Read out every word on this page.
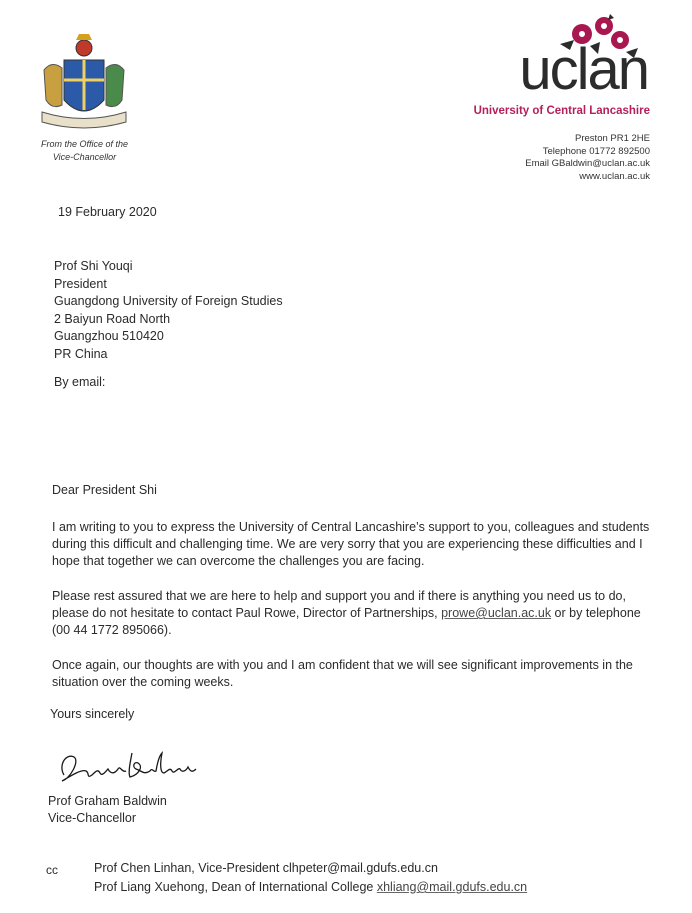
From the Office of the
Vice-Chancellor
uclan
University of Central Lancashire
Preston PR1 2HE
Telephone 01772 892500
Email GBaldwin@uclan.ac.uk
www.uclan.ac.uk
19 February 2020
Prof Shi Youqi
President
Guangdong University of Foreign Studies
2 Baiyun Road North
Guangzhou 510420
PR China
By email:
Dear President Shi
I am writing to you to express the University of Central Lancashire’s support to you, colleagues and students during this difficult and challenging time. We are very sorry that you are experiencing these difficulties and I hope that together we can overcome the challenges you are facing.
Please rest assured that we are here to help and support you and if there is anything you need us to do, please do not hesitate to contact Paul Rowe, Director of Partnerships, prowe@uclan.ac.uk or by telephone (00 44 1772 895066).
Once again, our thoughts are with you and I am confident that we will see significant improvements in the situation over the coming weeks.
Yours sincerely
Prof Graham Baldwin
Vice-Chancellor
cc	Prof Chen Linhan, Vice-President clhpeter@mail.gdufs.edu.cn
Prof Liang Xuehong, Dean of International College xhliang@mail.gdufs.edu.cn
